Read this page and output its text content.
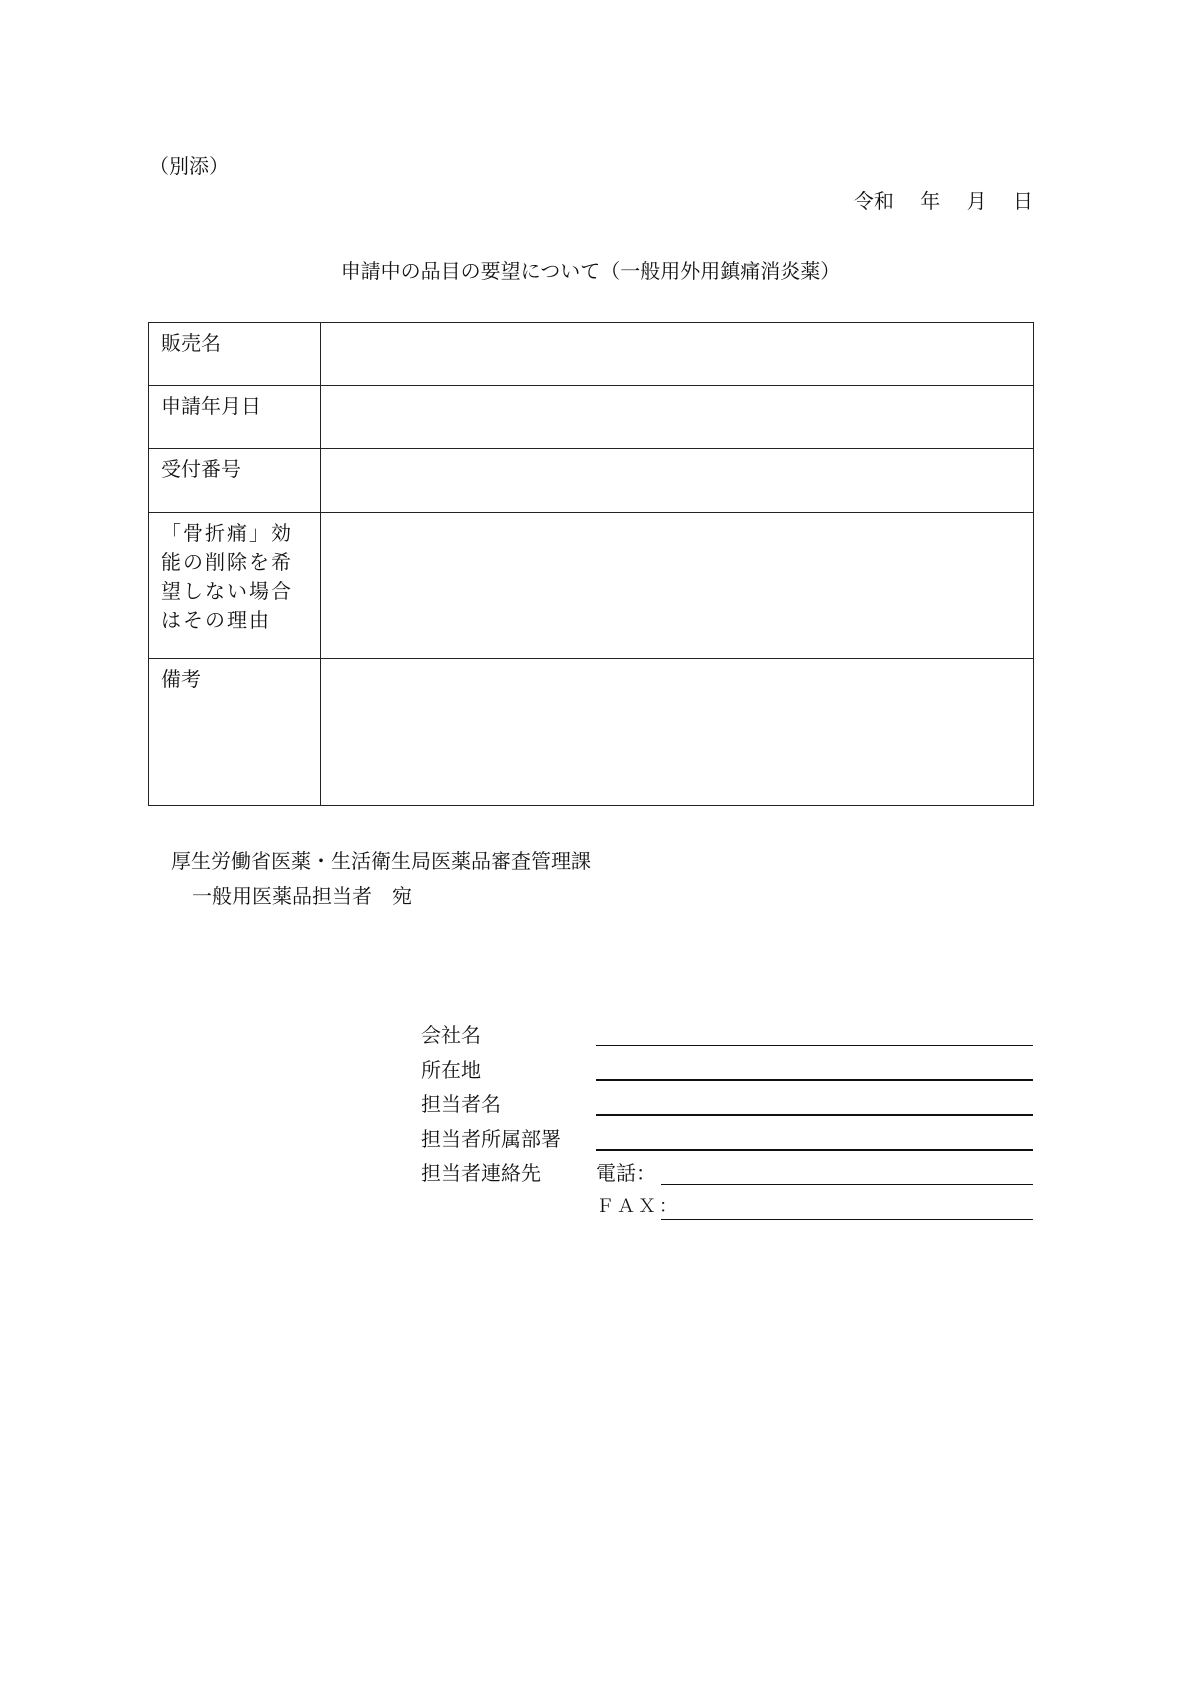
（別添）
令和　 年　 月　 日
申請中の品目の要望について（一般用外用鎮痛消炎薬）
販売名	
申請年月日	
受付番号	
「骨折痛」効能の削除を希望しない場合はその理由	
備考	
厚生労働省医薬・生活衛生局医薬品審査管理課
一般用医薬品担当者　宛
会社名
所在地
担当者名
担当者所属部署
担当者連絡先	電話：
ＦＡＸ：
